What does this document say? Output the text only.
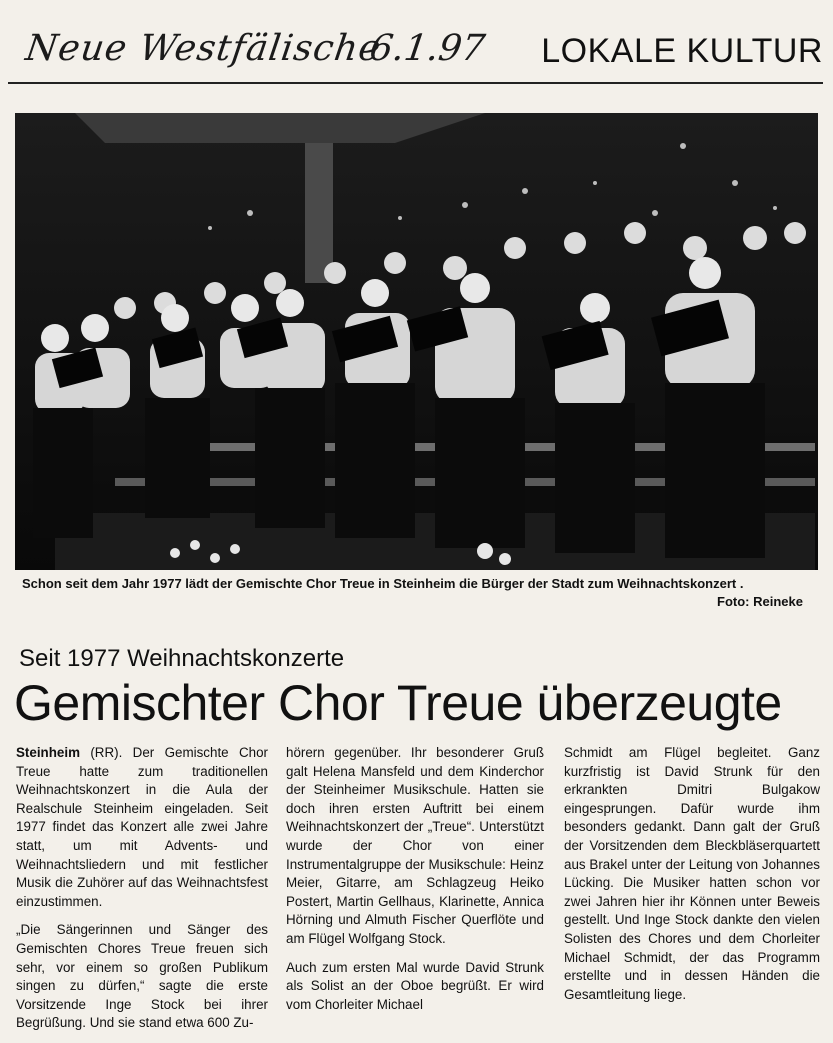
Neue Westfälische
6.1.97 LOKALE KULTUR
Schon seit dem Jahr 1977 lädt der Gemischte Chor Treue in Steinheim die Bürger der Stadt zum Weihnachtskonzert .
Foto: Reineke
Seit 1977 Weihnachtskonzerte
Gemischter Chor Treue überzeugte

Steinheim (RR). Der Gemischte Chor Treue hatte zum traditionellen Weihnachtskonzert in die Aula der Realschule Steinheim eingeladen. Seit 1977 findet das Konzert alle zwei Jahre statt, um mit Advents- und Weihnachtsliedern und mit festlicher Musik die Zuhörer auf das Weihnachtsfest einzustimmen.

„Die Sängerinnen und Sänger des Gemischten Chores Treue freuen sich sehr, vor einem so großen Publikum singen zu dürfen,“ sagte die erste Vorsitzende Inge Stock bei ihrer Begrüßung. Und sie stand etwa 600 Zu-

hörern gegenüber. Ihr besonderer Gruß galt Helena Mansfeld und dem Kinderchor der Steinheimer Musikschule. Hatten sie doch ihren ersten Auftritt bei einem Weihnachtskonzert der „Treue“. Unterstützt wurde der Chor von einer Instrumentalgruppe der Musikschule: Heinz Meier, Gitarre, am Schlagzeug Heiko Postert, Martin Gellhaus, Klarinette, Annica Hörning und Almuth Fischer Querflöte und am Flügel Wolfgang Stock.

Auch zum ersten Mal wurde David Strunk als Solist an der Oboe begrüßt. Er wird vom Chorleiter Michael

Schmidt am Flügel begleitet. Ganz kurzfristig ist David Strunk für den erkrankten Dmitri Bulgakow eingesprungen. Dafür wurde ihm besonders gedankt. Dann galt der Gruß der Vorsitzenden dem Bleckbläserquartett aus Brakel unter der Leitung von Johannes Lücking. Die Musiker hatten schon vor zwei Jahren hier ihr Können unter Beweis gestellt. Und Inge Stock dankte den vielen Solisten des Chores und dem Chorleiter Michael Schmidt, der das Programm erstellte und in dessen Händen die Gesamtleitung liege.
